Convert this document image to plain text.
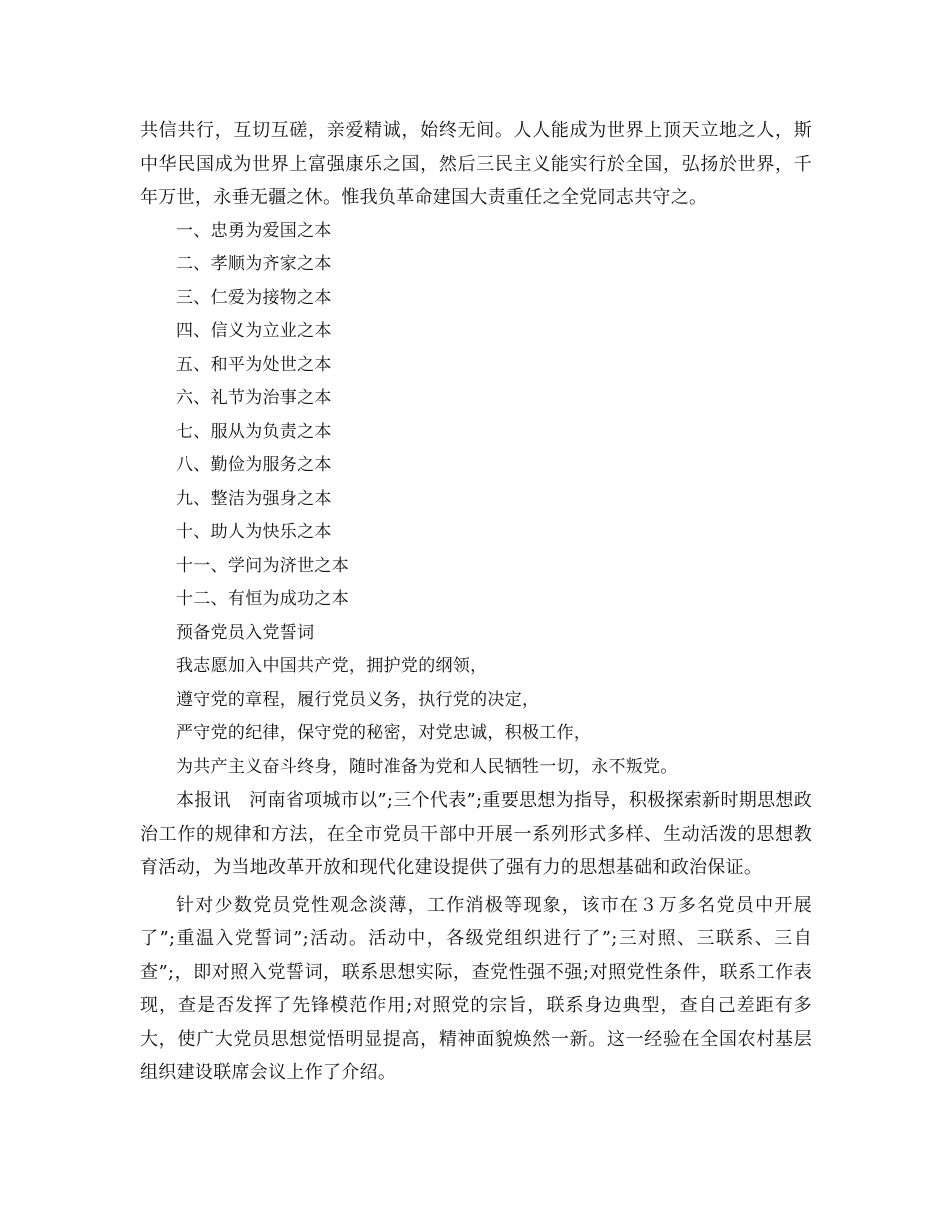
共信共行，互切互磋，亲爱精诚，始终无间。人人能成为世界上顶天立地之人，斯中华民国成为世界上富强康乐之国，然后三民主义能实行於全国，弘扬於世界，千年万世，永垂无疆之休。惟我负革命建国大责重任之全党同志共守之。

一、忠勇为爱国之本

二、孝顺为齐家之本

三、仁爱为接物之本

四、信义为立业之本

五、和平为处世之本

六、礼节为治事之本

七、服从为负责之本

八、勤俭为服务之本

九、整洁为强身之本

十、助人为快乐之本

十一、学问为济世之本

十二、有恒为成功之本

预备党员入党誓词

我志愿加入中国共产党，拥护党的纲领，

遵守党的章程，履行党员义务，执行党的决定，

严守党的纪律，保守党的秘密，对党忠诚，积极工作，

为共产主义奋斗终身，随时准备为党和人民牺牲一切，永不叛党。

本报讯　河南省项城市以”;三个代表”;重要思想为指导，积极探索新时期思想政治工作的规律和方法，在全市党员干部中开展一系列形式多样、生动活泼的思想教育活动，为当地改革开放和现代化建设提供了强有力的思想基础和政治保证。

针对少数党员党性观念淡薄，工作消极等现象，该市在３万多名党员中开展了”;重温入党誓词”;活动。活动中，各级党组织进行了”;三对照、三联系、三自查”;，即对照入党誓词，联系思想实际，查党性强不强;对照党性条件，联系工作表现，查是否发挥了先锋模范作用;对照党的宗旨，联系身边典型，查自己差距有多大，使广大党员思想觉悟明显提高，精神面貌焕然一新。这一经验在全国农村基层组织建设联席会议上作了介绍。
